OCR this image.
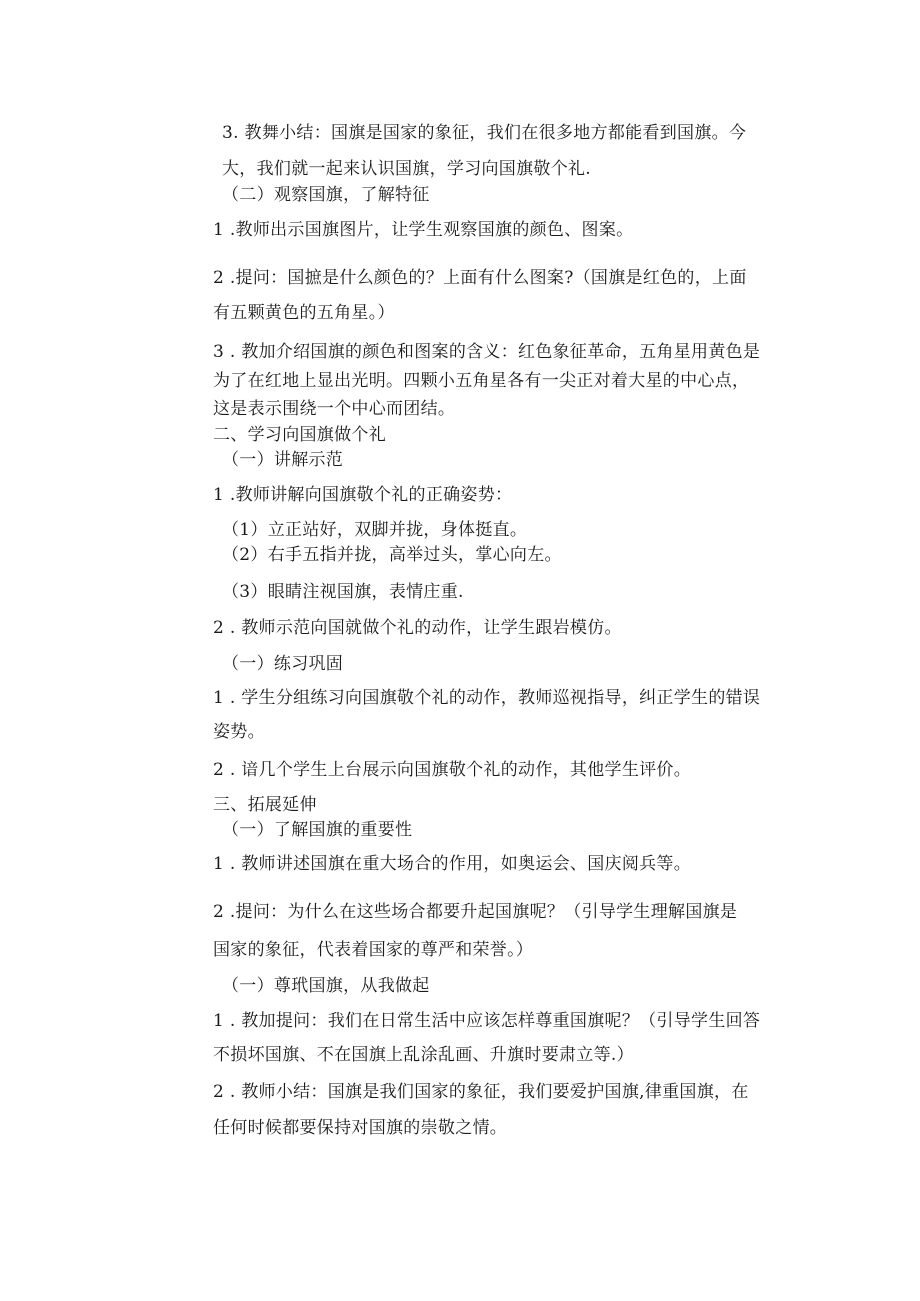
3. 教舞小结：国旗是国家的象征，我们在很多地方都能看到国旗。今
大，我们就一起来认识国旗，学习向国旗敬个礼.
（二）观察国旗，了解特征
1 .教师出示国旗图片，让学生观察国旗的颜色、图案。
2 .提问：国摭是什么颜色的？上面有什么图案?（国旗是红色的，上面
有五颗黄色的五角星。）
3 . 教加介绍国旗的颜色和图案的含义：红色象征革命，五角星用黄色是
为了在红地上显出光明。四颗小五角星各有一尖正对着大星的中心点，
这是表示围绕一个中心而团结。
二、学习向国旗做个礼
（一）讲解示范
1 .教师讲解向国旗敬个礼的正确姿势：
（1）立正站好，双脚并拢，身体挺直。
（2）右手五指并拢，高举过头，掌心向左。
（3）眼睛注视国旗，表情庄重.
2 . 教师示范向国就做个礼的动作，让学生跟岩模仿。
（一）练习巩固
1 . 学生分组练习向国旗敬个礼的动作，教师巡视指导，纠正学生的错误
姿势。
2 . 谙几个学生上台展示向国旗敬个礼的动作，其他学生评价。
三、拓展延伸
（一）了解国旗的重要性
1 . 教师讲述国旗在重大场合的作用，如奥运会、国庆阅兵等。
2 .提问：为什么在这些场合都要升起国旗呢？（引导学生理解国旗是
国家的象征，代表着国家的尊严和荣誉。）
（一）尊玳国旗，从我做起
1 . 教加提问：我们在日常生活中应该怎样尊重国旗呢？（引导学生回答
不损坏国旗、不在国旗上乱涂乱画、升旗时要肃立等.）
2 . 教师小结：国旗是我们国家的象征，我们要爱护国旗,律重国旗，在
任何时候都要保持对国旗的崇敬之情。
